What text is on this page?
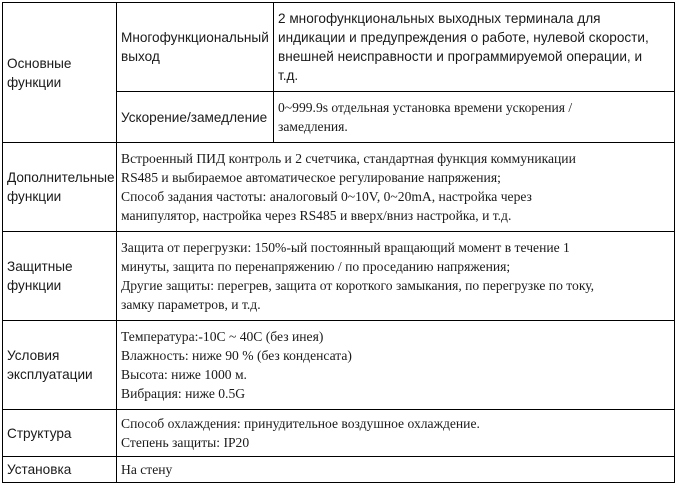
Основные функции	Многофункциональный выход	2 многофункциональных выходных терминала для индикации и предупреждения о работе, нулевой скорости, внешней неисправности и программируемой операции, и т.д.

	Ускорение/замедление	0~999.9s отдельная установка времени ускорения / замедления.

Дополнительные функции	Встроенный ПИД контроль и 2 счетчика, стандартная функция коммуникации
RS485 и выбираемое автоматическое регулирование напряжения;
Способ задания частоты: аналоговый 0~10V, 0~20mA, настройка через
манипулятор, настройка через RS485 и вверх/вниз настройка, и т.д.	

Защитные функции	Защита от перегрузки: 150%-ый постоянный вращающий момент в течение 1
минуты, защита по перенапряжению / по проседанию напряжения;
Другие защиты: перегрев, защита от короткого замыкания, по перегрузке по току,
замку параметров, и т.д.	

Условия эксплуатации	Температура:-10C ~ 40C (без инея)
Влажность: ниже 90 % (без конденсата)
Высота: ниже 1000 м.
Вибрация: ниже 0.5G	

Структура	Способ охлаждения: принудительное воздушное охлаждение.
Степень защиты: IP20	

Установка	На стену	
